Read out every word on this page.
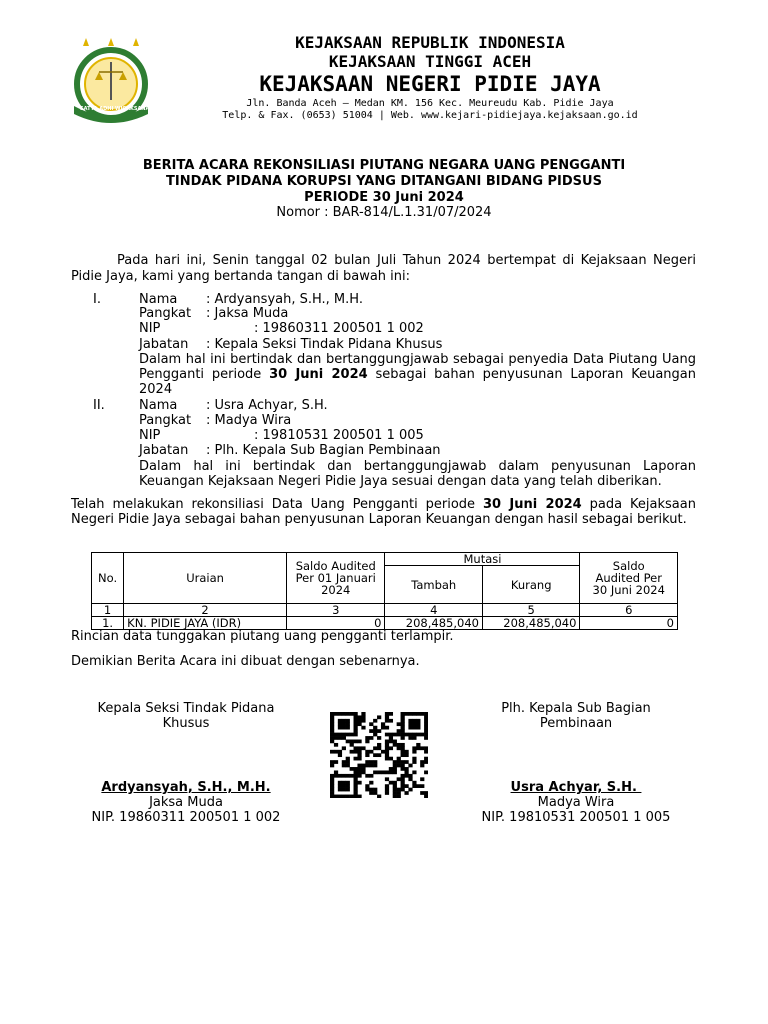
SATYA ADHI WICAKSANA
KEJAKSAAN REPUBLIK INDONESIA
KEJAKSAAN TINGGI ACEH
KEJAKSAAN NEGERI PIDIE JAYA
Jln. Banda Aceh – Medan KM. 156 Kec. Meureudu Kab. Pidie Jaya
Telp. & Fax. (0653) 51004 | Web. www.kejari-pidiejaya.kejaksaan.go.id
BERITA ACARA REKONSILIASI PIUTANG NEGARA UANG PENGGANTI
TINDAK PIDANA KORUPSI YANG DITANGANI BIDANG PIDSUS
PERIODE 30 Juni 2024
Nomor : BAR-814/L.1.31/07/2024
Pada hari ini, Senin tanggal 02 bulan Juli Tahun 2024 bertempat di Kejaksaan Negeri Pidie Jaya, kami yang bertanda tangan di bawah ini:
I.	Nama : Ardyansyah, S.H., M.H.
Pangkat : Jaksa Muda
NIP	: 19860311 200501 1 002
Jabatan : Kepala Seksi Tindak Pidana Khusus
Dalam hal ini bertindak dan bertanggungjawab sebagai penyedia Data Piutang Uang Pengganti periode 30 Juni 2024 sebagai bahan penyusunan Laporan Keuangan 2024
II.	Nama : Usra Achyar, S.H.
Pangkat : Madya Wira
NIP	: 19810531 200501 1 005
Jabatan : Plh. Kepala Sub Bagian Pembinaan
Dalam hal ini bertindak dan bertanggungjawab dalam penyusunan Laporan Keuangan Kejaksaan Negeri Pidie Jaya sesuai dengan data yang telah diberikan.
Telah melakukan rekonsiliasi Data Uang Pengganti periode 30 Juni 2024 pada Kejaksaan Negeri Pidie Jaya sebagai bahan penyusunan Laporan Keuangan dengan hasil sebagai berikut.
No.	Uraian	Saldo Audited Per 01 Januari 2024	Mutasi		Saldo Audited Per 30 Juni 2024
			Tambah	Kurang	
1	2	3	4	5	6
1.	KN. PIDIE JAYA (IDR)	0	208,485,040	208,485,040	0
Rincian data tunggakan piutang uang pengganti terlampir.
Demikian Berita Acara ini dibuat dengan sebenarnya.
Kepala Seksi Tindak Pidana
Khusus
Ardyansyah, S.H., M.H.
Jaksa Muda
NIP. 19860311 200501 1 002
Plh. Kepala Sub Bagian
Pembinaan
Usra Achyar, S.H.
Madya Wira
NIP. 19810531 200501 1 005
